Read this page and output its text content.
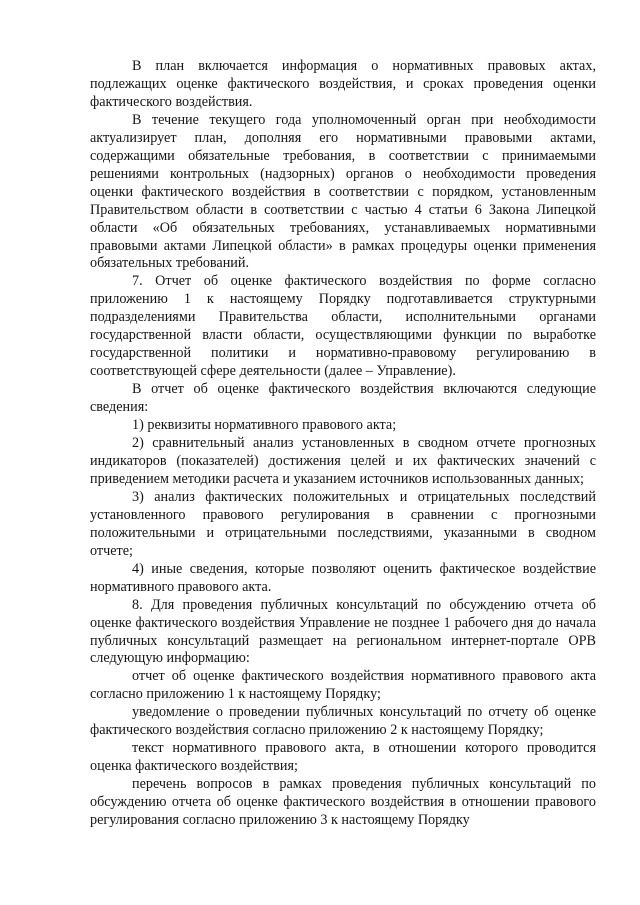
В план включается информация о нормативных правовых актах, подлежащих оценке фактического воздействия, и сроках проведения оценки фактического воздействия.

В течение текущего года уполномоченный орган при необходимости актуализирует план, дополняя его нормативными правовыми актами, содержащими обязательные требования, в соответствии с принимаемыми решениями контрольных (надзорных) органов о необходимости проведения оценки фактического воздействия в соответствии с порядком, установленным Правительством области в соответствии с частью 4 статьи 6 Закона Липецкой области «Об обязательных требованиях, устанавливаемых нормативными правовыми актами Липецкой области» в рамках процедуры оценки применения обязательных требований.

7. Отчет об оценке фактического воздействия по форме согласно приложению 1 к настоящему Порядку подготавливается структурными подразделениями Правительства области, исполнительными органами государственной власти области, осуществляющими функции по выработке государственной политики и нормативно-правовому регулированию в соответствующей сфере деятельности (далее – Управление).

В отчет об оценке фактического воздействия включаются следующие сведения:

1) реквизиты нормативного правового акта;

2) сравнительный анализ установленных в сводном отчете прогнозных индикаторов (показателей) достижения целей и их фактических значений с приведением методики расчета и указанием источников использованных данных;

3) анализ фактических положительных и отрицательных последствий установленного правового регулирования в сравнении с прогнозными положительными и отрицательными последствиями, указанными в сводном отчете;

4) иные сведения, которые позволяют оценить фактическое воздействие нормативного правового акта.

8. Для проведения публичных консультаций по обсуждению отчета об оценке фактического воздействия Управление не позднее 1 рабочего дня до начала публичных консультаций размещает на региональном интернет-портале ОРВ следующую информацию:

отчет об оценке фактического воздействия нормативного правового акта согласно приложению 1 к настоящему Порядку;

уведомление о проведении публичных консультаций по отчету об оценке фактического воздействия согласно приложению 2 к настоящему Порядку;

текст нормативного правового акта, в отношении которого проводится оценка фактического воздействия;

перечень вопросов в рамках проведения публичных консультаций по обсуждению отчета об оценке фактического воздействия в отношении правового регулирования согласно приложению 3 к настоящему Порядку
